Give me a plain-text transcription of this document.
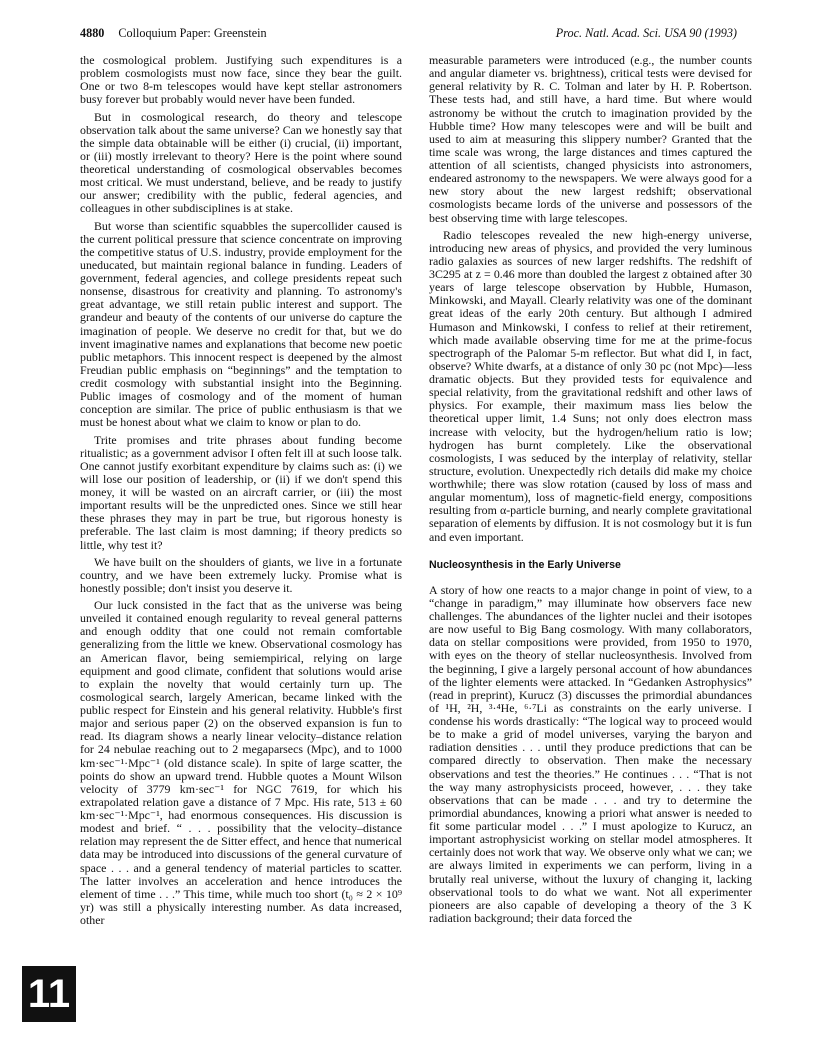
4880 Colloquium Paper: Greenstein	Proc. Natl. Acad. Sci. USA 90 (1993)

the cosmological problem. Justifying such expenditures is a problem cosmologists must now face, since they bear the guilt. One or two 8-m telescopes would have kept stellar astronomers busy forever but probably would never have been funded.

But in cosmological research, do theory and telescope observation talk about the same universe? Can we honestly say that the simple data obtainable will be either (i) crucial, (ii) important, or (iii) mostly irrelevant to theory? Here is the point where sound theoretical understanding of cosmological observables becomes most critical. We must understand, believe, and be ready to justify our answer; credibility with the public, federal agencies, and colleagues in other subdisciplines is at stake.

But worse than scientific squabbles the supercollider caused is the current political pressure that science concentrate on improving the competitive status of U.S. industry, provide employment for the uneducated, but maintain regional balance in funding. Leaders of government, federal agencies, and college presidents repeat such nonsense, disastrous for creativity and planning. To astronomy's great advantage, we still retain public interest and support. The grandeur and beauty of the contents of our universe do capture the imagination of people. We deserve no credit for that, but we do invent imaginative names and explanations that become new poetic public metaphors. This innocent respect is deepened by the almost Freudian public emphasis on “beginnings” and the temptation to credit cosmology with substantial insight into the Beginning. Public images of cosmology and of the moment of human conception are similar. The price of public enthusiasm is that we must be honest about what we claim to know or plan to do.

Trite promises and trite phrases about funding become ritualistic; as a government advisor I often felt ill at such loose talk. One cannot justify exorbitant expenditure by claims such as: (i) we will lose our position of leadership, or (ii) if we don't spend this money, it will be wasted on an aircraft carrier, or (iii) the most important results will be the unpredicted ones. Since we still hear these phrases they may in part be true, but rigorous honesty is preferable. The last claim is most damning; if theory predicts so little, why test it?

We have built on the shoulders of giants, we live in a fortunate country, and we have been extremely lucky. Promise what is honestly possible; don't insist you deserve it.

Our luck consisted in the fact that as the universe was being unveiled it contained enough regularity to reveal general patterns and enough oddity that one could not remain comfortable generalizing from the little we knew. Observational cosmology has an American flavor, being semiempirical, relying on large equipment and good climate, confident that solutions would arise to explain the novelty that would certainly turn up. The cosmological search, largely American, became linked with the public respect for Einstein and his general relativity. Hubble's first major and serious paper (2) on the observed expansion is fun to read. Its diagram shows a nearly linear velocity–distance relation for 24 nebulae reaching out to 2 megaparsecs (Mpc), and to 1000 km·sec⁻¹·Mpc⁻¹ (old distance scale). In spite of large scatter, the points do show an upward trend. Hubble quotes a Mount Wilson velocity of 3779 km·sec⁻¹ for NGC 7619, for which his extrapolated relation gave a distance of 7 Mpc. His rate, 513 ± 60 km·sec⁻¹·Mpc⁻¹, had enormous consequences. His discussion is modest and brief. “ . . . possibility that the velocity–distance relation may represent the de Sitter effect, and hence that numerical data may be introduced into discussions of the general curvature of space . . . and a general tendency of material particles to scatter. The latter involves an acceleration and hence introduces the element of time . . .” This time, while much too short (t₀ ≈ 2 × 10⁹ yr) was still a physically interesting number. As data increased, other

measurable parameters were introduced (e.g., the number counts and angular diameter vs. brightness), critical tests were devised for general relativity by R. C. Tolman and later by H. P. Robertson. These tests had, and still have, a hard time. But where would astronomy be without the crutch to imagination provided by the Hubble time? How many telescopes were and will be built and used to aim at measuring this slippery number? Granted that the time scale was wrong, the large distances and times captured the attention of all scientists, changed physicists into astronomers, endeared astronomy to the newspapers. We were always good for a new story about the new largest redshift; observational cosmologists became lords of the universe and possessors of the best observing time with large telescopes.

Radio telescopes revealed the new high-energy universe, introducing new areas of physics, and provided the very luminous radio galaxies as sources of new larger redshifts. The redshift of 3C295 at z = 0.46 more than doubled the largest z obtained after 30 years of large telescope observation by Hubble, Humason, Minkowski, and Mayall. Clearly relativity was one of the dominant great ideas of the early 20th century. But although I admired Humason and Minkowski, I confess to relief at their retirement, which made available observing time for me at the prime-focus spectrograph of the Palomar 5-m reflector. But what did I, in fact, observe? White dwarfs, at a distance of only 30 pc (not Mpc)—less dramatic objects. But they provided tests for equivalence and special relativity, from the gravitational redshift and other laws of physics. For example, their maximum mass lies below the theoretical upper limit, 1.4 Suns; not only does electron mass increase with velocity, but the hydrogen/helium ratio is low; hydrogen has burnt completely. Like the observational cosmologists, I was seduced by the interplay of relativity, stellar structure, evolution. Unexpectedly rich details did make my choice worthwhile; there was slow rotation (caused by loss of mass and angular momentum), loss of magnetic-field energy, compositions resulting from α-particle burning, and nearly complete gravitational separation of elements by diffusion. It is not cosmology but it is fun and even important.

Nucleosynthesis in the Early Universe

A story of how one reacts to a major change in point of view, to a “change in paradigm,” may illuminate how observers face new challenges. The abundances of the lighter nuclei and their isotopes are now useful to Big Bang cosmology. With many collaborators, data on stellar compositions were provided, from 1950 to 1970, with eyes on the theory of stellar nucleosynthesis. Involved from the beginning, I give a largely personal account of how abundances of the lighter elements were attacked. In “Gedanken Astrophysics” (read in preprint), Kurucz (3) discusses the primordial abundances of ¹H, ²H, ³·⁴He, ⁶·⁷Li as constraints on the early universe. I condense his words drastically: “The logical way to proceed would be to make a grid of model universes, varying the baryon and radiation densities . . . until they produce predictions that can be compared directly to observation. Then make the necessary observations and test the theories.” He continues . . . “That is not the way many astrophysicists proceed, however, . . . they take observations that can be made . . . and try to determine the primordial abundances, knowing a priori what answer is needed to fit some particular model . . .” I must apologize to Kurucz, an important astrophysicist working on stellar model atmospheres. It certainly does not work that way. We observe only what we can; we are always limited in experiments we can perform, living in a brutally real universe, without the luxury of changing it, lacking observational tools to do what we want. Not all experimenter pioneers are also capable of developing a theory of the 3 K radiation background; their data forced the

11
